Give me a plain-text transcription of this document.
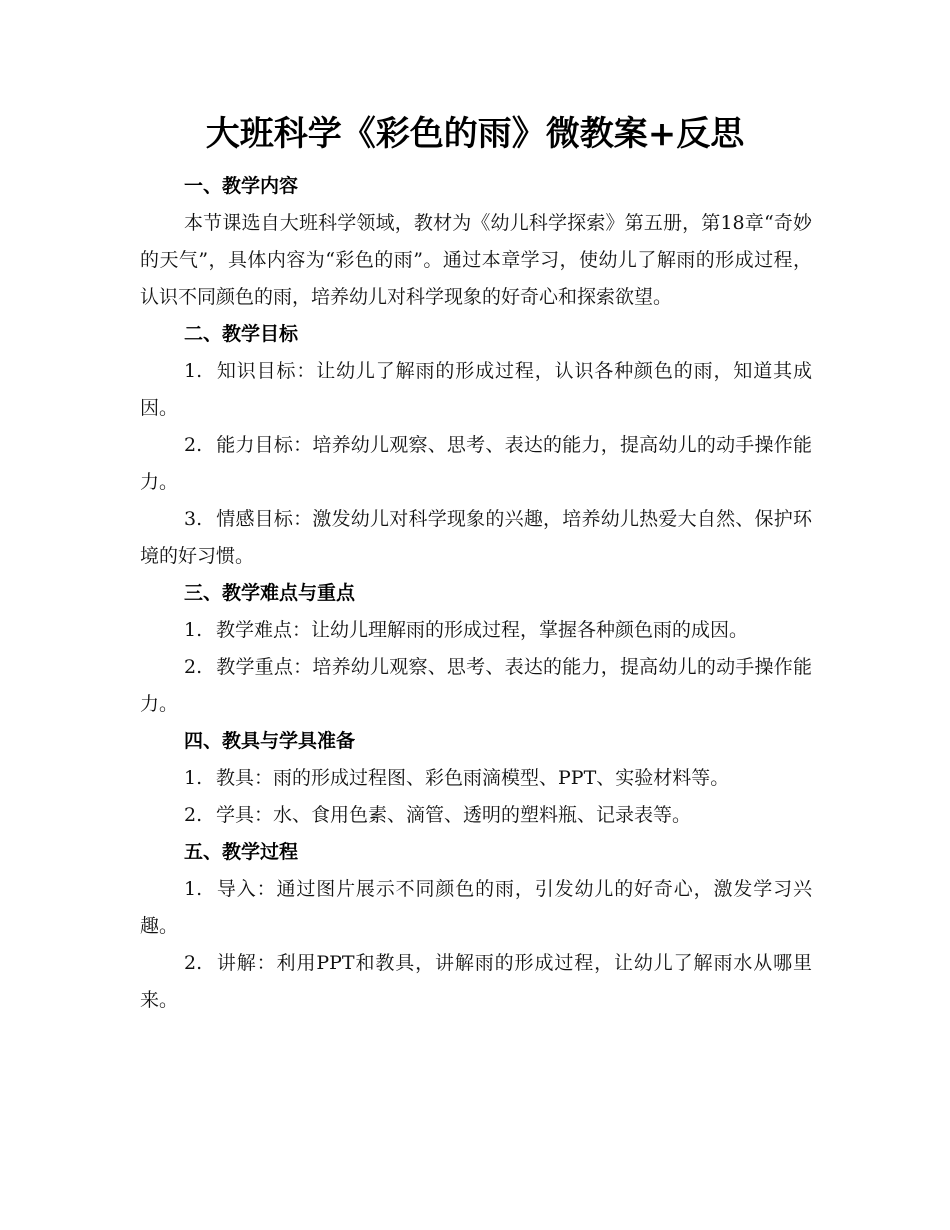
大班科学《彩色的雨》微教案+反思

一、教学内容

本节课选自大班科学领域，教材为《幼儿科学探索》第五册，第18章“奇妙的天气”，具体内容为“彩色的雨”。通过本章学习，使幼儿了解雨的形成过程，认识不同颜色的雨，培养幼儿对科学现象的好奇心和探索欲望。

二、教学目标

1. 知识目标：让幼儿了解雨的形成过程，认识各种颜色的雨，知道其成因。

2. 能力目标：培养幼儿观察、思考、表达的能力，提高幼儿的动手操作能力。

3. 情感目标：激发幼儿对科学现象的兴趣，培养幼儿热爱大自然、保护环境的好习惯。

三、教学难点与重点

1. 教学难点：让幼儿理解雨的形成过程，掌握各种颜色雨的成因。

2. 教学重点：培养幼儿观察、思考、表达的能力，提高幼儿的动手操作能力。

四、教具与学具准备

1. 教具：雨的形成过程图、彩色雨滴模型、PPT、实验材料等。

2. 学具：水、食用色素、滴管、透明的塑料瓶、记录表等。

五、教学过程

1. 导入：通过图片展示不同颜色的雨，引发幼儿的好奇心，激发学习兴趣。

2. 讲解：利用PPT和教具，讲解雨的形成过程，让幼儿了解雨水从哪里来。
